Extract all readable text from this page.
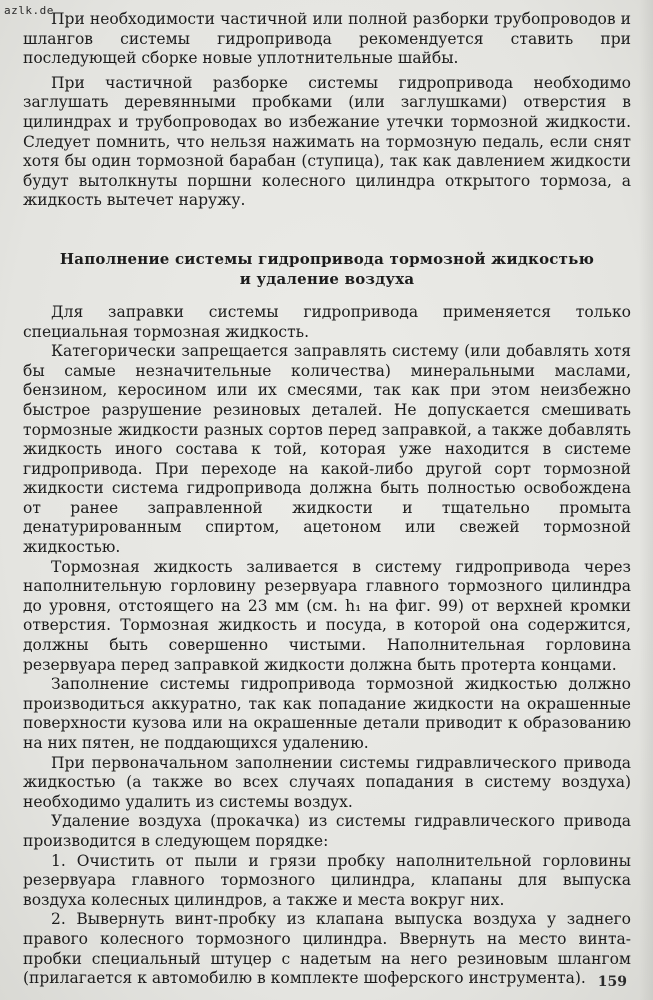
azlk.de

При необходимости частичной или полной разборки трубопроводов и шлангов системы гидропривода рекомендуется ставить при последующей сборке новые уплотнительные шайбы.

При частичной разборке системы гидропривода необходимо заглушать деревянными пробками (или заглушками) отверстия в цилиндрах и трубопроводах во избежание утечки тормозной жидкости. Следует помнить, что нельзя нажимать на тормозную педаль, если снят хотя бы один тормозной барабан (ступица), так как давлением жидкости будут вытолкнуты поршни колесного цилиндра открытого тормоза, а жидкость вытечет наружу.

Наполнение системы гидропривода тормозной жидкостью
и удаление воздуха

Для заправки системы гидропривода применяется только специальная тормозная жидкость.

Категорически запрещается заправлять систему (или добавлять хотя бы самые незначительные количества) минеральными маслами, бензином, керосином или их смесями, так как при этом неизбежно быстрое разрушение резиновых деталей. Не допускается смешивать тормозные жидкости разных сортов перед заправкой, а также добавлять жидкость иного состава к той, которая уже находится в системе гидропривода. При переходе на какой-либо другой сорт тормозной жидкости система гидропривода должна быть полностью освобождена от ранее заправленной жидкости и тщательно промыта денатурированным спиртом, ацетоном или свежей тормозной жидкостью.

Тормозная жидкость заливается в систему гидропривода через наполнительную горловину резервуара главного тормозного цилиндра до уровня, отстоящего на 23 мм (см. h₁ на фиг. 99) от верхней кромки отверстия. Тормозная жидкость и посуда, в которой она содержится, должны быть совершенно чистыми. Наполнительная горловина резервуара перед заправкой жидкости должна быть протерта концами.

Заполнение системы гидропривода тормозной жидкостью должно производиться аккуратно, так как попадание жидкости на окрашенные поверхности кузова или на окрашенные детали приводит к образованию на них пятен, не поддающихся удалению.

При первоначальном заполнении системы гидравлического привода жидкостью (а также во всех случаях попадания в систему воздуха) необходимо удалить из системы воздух.

Удаление воздуха (прокачка) из системы гидравлического привода производится в следующем порядке:

1. Очистить от пыли и грязи пробку наполнительной горловины резервуара главного тормозного цилиндра, клапаны для выпуска воздуха колесных цилиндров, а также и места вокруг них.

2. Вывернуть винт-пробку из клапана выпуска воздуха у заднего правого колесного тормозного цилиндра. Ввернуть на место винта-пробки специальный штуцер с надетым на него резиновым шлангом (прилагается к автомобилю в комплекте шоферского инструмента). 159
